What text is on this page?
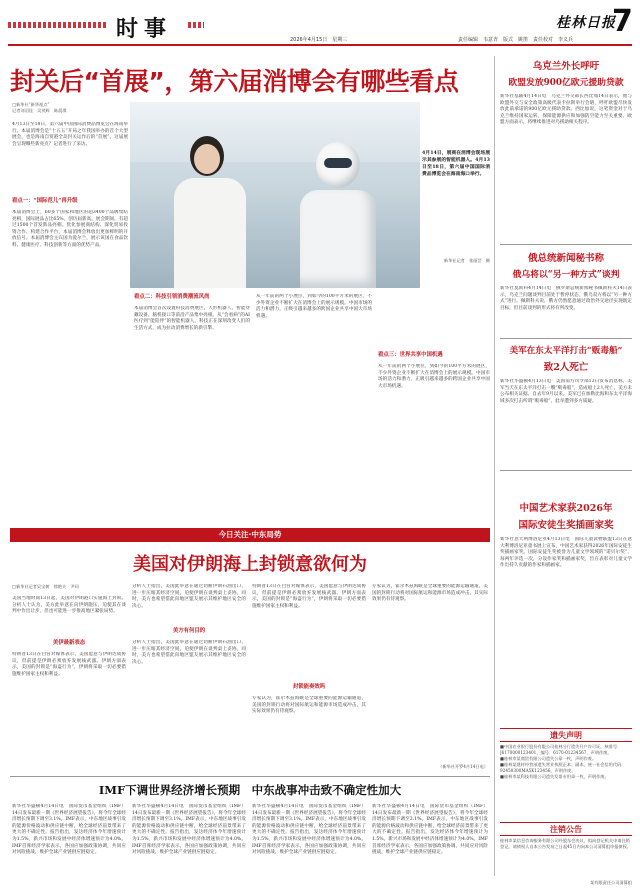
时事	2026年4月15日　星期三	责任编辑　韦意青　版式　姚笛　责任校对　李义兵
桂林日报
7
封关后“首展”，第六届消博会有哪些看点
□新华社“新华视点”
记者刘羽佳　吴茂辉　陈晨琪
4月13日至18日，第六届中国国际消费品博览会在海南举行。本届消博会是“十五五”开局之年我国举办的首个大型展会，也是海南自贸港全岛封关运作后的“首展”。这届展会呈现哪些新亮点？记者进行了采访。
看点一：“国际范儿”再升级
本届消博会上，60多个国家和地区的超3400个品牌集结亮相，国际展品占比65%，创历届新高。展会期间，有超过1500个首发新品亮相。优化参展商结构、深化贸易投资合作、构建合作平台，本届消博会释放出更加鲜明的开放信号。本届消博会主宾国为爱尔兰，展示该国在食品饮料、健康医疗、科技创新等方面的优势产品。
4月14日，展商在消博会现场展示其参展的智能机器人。4月13日至18日，第六届中国国际消费品博览会在海南海口举行。
新华社记者　张丽芸　摄
看点二：科技引领消费潮流风尚
本届消博会首次设置科技消费展区，人形机器人、智能穿戴设备、脑机接口等前沿产品集中亮相。从“会看病”的AI医疗到“能陪伴”的智能机器人，科技正在深刻改变人们的生活方式，成为拉动消费增长的新引擎。
从一年前的两个小展位，到如今的100平方米的展区，不少外资企业不断扩大在消博会上的展示规模。中国市场的活力和潜力，正吸引越来越多的跨国企业共享中国大市场机遇。
看点三：世界共享中国机遇
从一年前的两个小展位，到如今的100平方米的展区，不少外资企业不断扩大在消博会上的展示规模。中国市场的活力和潜力，正吸引越来越多的跨国企业共享中国大市场机遇。
乌克兰外长呼吁
欧盟发放900亿欧元援助贷款
新华社基辅4月14日电　乌克兰外交部长西比加14日表示，他与欧盟外交与安全政策高级代表卡拉斯举行会晤，呼吁欧盟尽快发放此前承诺的900亿欧元援助贷款。西比加说，这笔资金对于乌克兰维持国家运转、保障能源供应和加强防空能力至关重要。欧盟方面表示，将继续推进对乌援助相关程序。
俄总统新闻秘书称
俄乌将以“另一种方式”谈判
新华社莫斯科4月14日电　俄罗斯总统新闻秘书佩斯科夫14日表示，乌克兰问题谈判目前处于暂停状态，俄乌双方将以“另一种方式”进行。佩斯科夫说，俄方仍然愿意通过政治外交途径实现既定目标，但目前谈判的形式将有所改变。
美军在东太平洋打击“贩毒船”
致2人死亡
新华社华盛顿4月13日电　美国南方司令部13日发布消息称，美军当天在东太平洋打击一艘“贩毒船”，造成船上2人死亡。美方未公布相关证据。自去年9月以来，美军已在加勒比海和东太平洋海域多次打击所谓“贩毒船”，此举遭到多方质疑。
中国艺术家获2026年
国际安徒生奖插画家奖
新华社意大利博洛尼亚4月13日电　国际儿童读物联盟13日在意大利博洛尼亚童书展上宣布，中国艺术家获得2026年国际安徒生奖插画家奖。国际安徒生奖被誉为儿童文学领域的“诺贝尔奖”，每两年评选一次，分设作家奖和插画家奖，旨在表彰对儿童文学作出持久贡献的作家和插画家。
遗失声明
■中国农业银行股份有限公司桂林分行遗失开户许可证，核准号：J6170000123401，编号：6170-01234567，声明作废。
■桂林市某商贸有限公司遗失公章一枚，声明作废。
■桂林某建材经营部遗失营业执照正本、副本，统一社会信用代码：92450300MA5K123456，声明作废。
■桂林市某科技有限公司遗失发票专用章一枚，声明作废。
注销公告
桂林市某信息咨询服务有限公司经股东会决议，拟向登记机关申请注销登记，请债权人自本公告发布之日起45日内向本公司清算组申报债权。
某有限责任公司清算组
今日关注·中东局势
美国对伊朗海上封锁意欲何为
□新华社记者吴宝树　徐艳夫　尹珂
美国当地时间13日起，美国对伊朗港口实施海上封锁。分析人士认为，美方此举意在向伊朗施压，迫使其在谈判中作出让步，但也可能进一步推高地区紧张局势。
美伊最新表态
特朗普13日在白宫对媒体表示，美国愿意与伊朗达成协议，但前提是伊朗必须放弃发展核武器。伊朗方面表示，美国的封锁是“海盗行为”，伊朗将采取一切必要措施维护国家主权和利益。
分析人士指出，美国此举意在通过切断伊朗石油出口，进一步压缩其经济空间，迫使伊朗在谈判桌上妥协。同时，美方也希望借此向地区盟友展示其维护地区安全的决心。
美方有何目的
分析人士指出，美国此举意在通过切断伊朗石油出口，进一步压缩其经济空间，迫使伊朗在谈判桌上妥协。同时，美方也希望借此向地区盟友展示其维护地区安全的决心。
特朗普13日在白宫对媒体表示，美国愿意与伊朗达成协议，但前提是伊朗必须放弃发展核武器。伊朗方面表示，美国的封锁是“海盗行为”，伊朗将采取一切必要措施维护国家主权和利益。
封锁能奏效吗
专家认为，霍尔木兹海峡是全球重要的能源运输通道，美国的封锁行动将对国际航运和能源市场造成冲击，其实际效果仍有待观察。
专家认为，霍尔木兹海峡是全球重要的能源运输通道，美国的封锁行动将对国际航运和能源市场造成冲击，其实际效果仍有待观察。
（新华社开罗4月14日电）
IMF下调世界经济增长预期　中东战事冲击致不确定性加大
新华社华盛顿4月14日电　国际货币基金组织（IMF）14日发布最新一期《世界经济展望报告》，将今年全球经济增长预期下调至3.1%。IMF表示，中东地区战事引发的能源价格波动和供应链中断，给全球经济前景带来了更大的不确定性。报告指出，发达经济体今年增速预计为1.5%，新兴市场和发展中经济体增速预计为4.0%。IMF首席经济学家表示，各国应加强政策协调，共同应对风险挑战，维护全球产业链供应链稳定。
新华社华盛顿4月14日电　国际货币基金组织（IMF）14日发布最新一期《世界经济展望报告》，将今年全球经济增长预期下调至3.1%。IMF表示，中东地区战事引发的能源价格波动和供应链中断，给全球经济前景带来了更大的不确定性。报告指出，发达经济体今年增速预计为1.5%，新兴市场和发展中经济体增速预计为4.0%。IMF首席经济学家表示，各国应加强政策协调，共同应对风险挑战，维护全球产业链供应链稳定。
新华社华盛顿4月14日电　国际货币基金组织（IMF）14日发布最新一期《世界经济展望报告》，将今年全球经济增长预期下调至3.1%。IMF表示，中东地区战事引发的能源价格波动和供应链中断，给全球经济前景带来了更大的不确定性。报告指出，发达经济体今年增速预计为1.5%，新兴市场和发展中经济体增速预计为4.0%。IMF首席经济学家表示，各国应加强政策协调，共同应对风险挑战，维护全球产业链供应链稳定。
新华社华盛顿4月14日电　国际货币基金组织（IMF）14日发布最新一期《世界经济展望报告》，将今年全球经济增长预期下调至3.1%。IMF表示，中东地区战事引发的能源价格波动和供应链中断，给全球经济前景带来了更大的不确定性。报告指出，发达经济体今年增速预计为1.5%，新兴市场和发展中经济体增速预计为4.0%。IMF首席经济学家表示，各国应加强政策协调，共同应对风险挑战，维护全球产业链供应链稳定。
